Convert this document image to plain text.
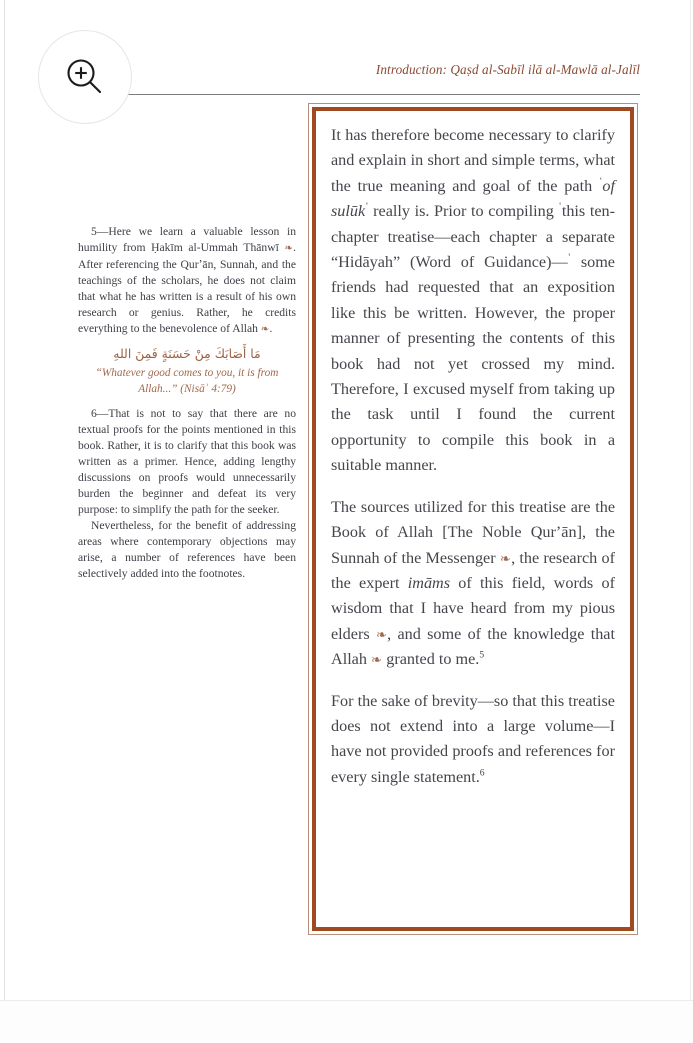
Introduction: Qaṣd al-Sabīl ilā al-Mawlā al-Jalīl

5—Here we learn a valuable lesson in humility from Ḥakīm al-Ummah Thānwī ❧. After referencing the Qurʼān, Sunnah, and the teachings of the scholars, he does not claim that what he has written is a result of his own research or genius. Rather, he credits everything to the benevolence of Allah ❧.

مَا أَصَابَكَ مِنْ حَسَنَةٍ فَمِنَ اللهِ

“Whatever good comes to you, it is from Allah...” (Nisāʾ 4:79)

6—That is not to say that there are no textual proofs for the points mentioned in this book. Rather, it is to clarify that this book was written as a primer. Hence, adding lengthy discussions on proofs would unnecessarily burden the beginner and defeat its very purpose: to simplify the path for the seeker.

Nevertheless, for the benefit of addressing areas where contemporary objections may arise, a number of references have been selectively added into the footnotes.

It has therefore become necessary to clarify and explain in short and simple terms, what the true meaning and goal of the path ‛of sulūk’ really is. Prior to compiling ‛this ten-chapter treatise—each chapter a separate “Hidāyah” (Word of Guidance)—’ some friends had requested that an exposition like this be written. However, the proper manner of presenting the contents of this book had not yet crossed my mind. Therefore, I excused myself from taking up the task until I found the current opportunity to compile this book in a suitable manner.

The sources utilized for this treatise are the Book of Allah [The Noble Qurʼān], the Sunnah of the Messenger ❧, the research of the expert imāms of this field, words of wisdom that I have heard from my pious elders ❧, and some of the knowledge that Allah ❧ granted to me.$^5$

For the sake of brevity—so that this treatise does not extend into a large volume—I have not provided proofs and references for every single statement.$^6$
